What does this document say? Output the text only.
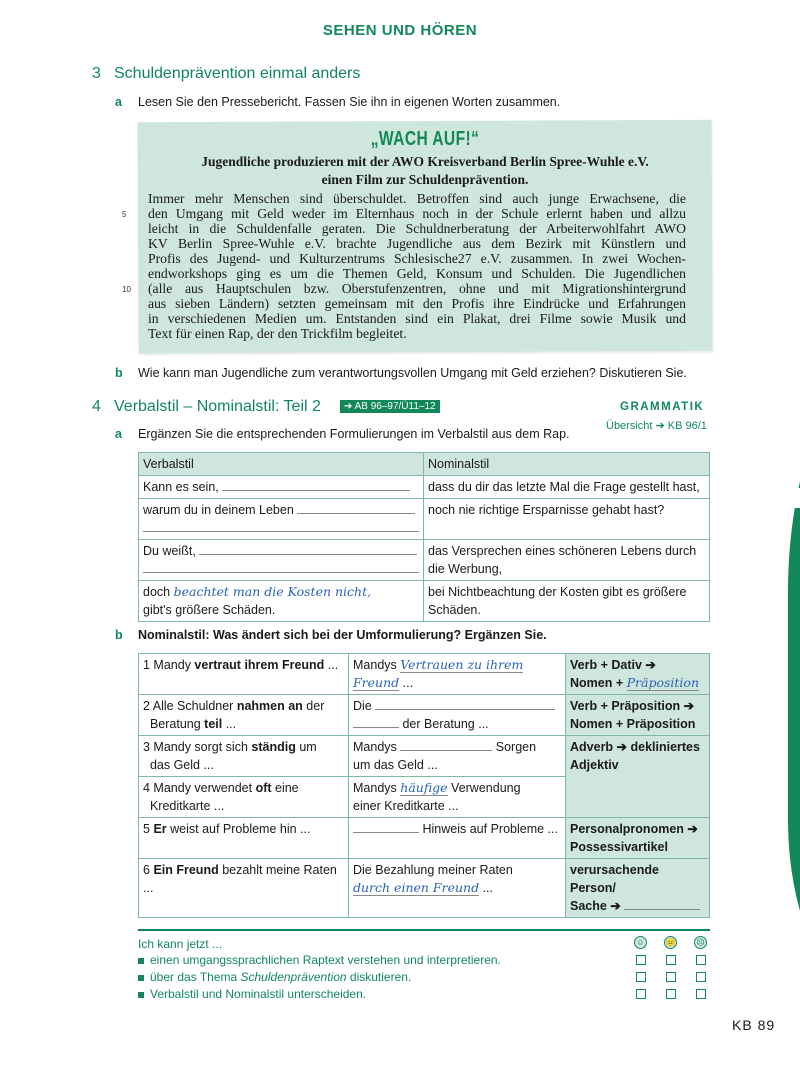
SEHEN UND HÖREN
3 Schuldenprävention einmal anders
a Lesen Sie den Pressebericht. Fassen Sie ihn in eigenen Worten zusammen.
„WACH AUF!“
Jugendliche produzieren mit der AWO Kreisverband Berlin Spree-Wuhle e.V.
einen Film zur Schuldenprävention.
Immer mehr Menschen sind überschuldet. Betroffen sind auch junge Erwachsene, die
den Umgang mit Geld weder im Elternhaus noch in der Schule erlernt haben und allzu
leicht in die Schuldenfalle geraten. Die Schuldnerberatung der Arbeiterwohlfahrt AWO
KV Berlin Spree-Wuhle e.V. brachte Jugendliche aus dem Bezirk mit Künstlern und
Profis des Jugend- und Kulturzentrums Schlesische27 e.V. zusammen. In zwei Wochen-
endworkshops ging es um die Themen Geld, Konsum und Schulden. Die Jugendlichen
(alle aus Hauptschulen bzw. Oberstufenzentren, ohne und mit Migrationshintergrund
aus sieben Ländern) setzten gemeinsam mit den Profis ihre Eindrücke und Erfahrungen
in verschiedenen Medien um. Entstanden sind ein Plakat, drei Filme sowie Musik und
Text für einen Rap, der den Trickfilm begleitet.
5
10
b Wie kann man Jugendliche zum verantwortungsvollen Umgang mit Geld erziehen? Diskutieren Sie.
4 Verbalstil – Nominalstil: Teil 2	➔ AB 96–97/Ü11–12	GRAMMATIK
Übersicht ➔ KB 96/1
a Ergänzen Sie die entsprechenden Formulierungen im Verbalstil aus dem Rap.
Verbalstil	Nominalstil
Kann es sein,	dass du dir das letzte Mal die Frage gestellt hast,
warum du in deinem Leben	noch nie richtige Ersparnisse gehabt hast?
Du weißt,	das Versprechen eines schöneren Lebens durch die Werbung,
doch beachtet man die Kosten nicht,
gibt's größere Schäden.	bei Nichtbeachtung der Kosten gibt es größere Schäden.
b Nominalstil: Was ändert sich bei der Umformulierung? Ergänzen Sie.
1 Mandy vertraut ihrem Freund ...	Mandys Vertrauen zu ihrem
Freund ...	Verb + Dativ ➔
Nomen + Präposition
2 Alle Schuldner nahmen an der
Beratung teil ...	Die
der Beratung ...	Verb + Präposition ➔
Nomen + Präposition
3 Mandy sorgt sich ständig um
das Geld ...	Mandys Sorgen
um das Geld ...	Adverb ➔ dekliniertes
Adjektiv
4 Mandy verwendet oft eine
Kreditkarte ...	Mandys häufige Verwendung
einer Kreditkarte ...	
5 Er weist auf Probleme hin ...	Hinweis auf Probleme ...	Personalpronomen ➔
Possessivartikel
6 Ein Freund bezahlt meine Raten ...	Die Bezahlung meiner Raten
durch einen Freund ...	verursachende Person/
Sache ➔
Ich kann jetzt ...
einen umgangssprachlichen Raptext verstehen und interpretieren.
über das Thema Schuldenprävention diskutieren.
Verbalstil und Nominalstil unterscheiden.
☺	😐	☹
7
KB 89
